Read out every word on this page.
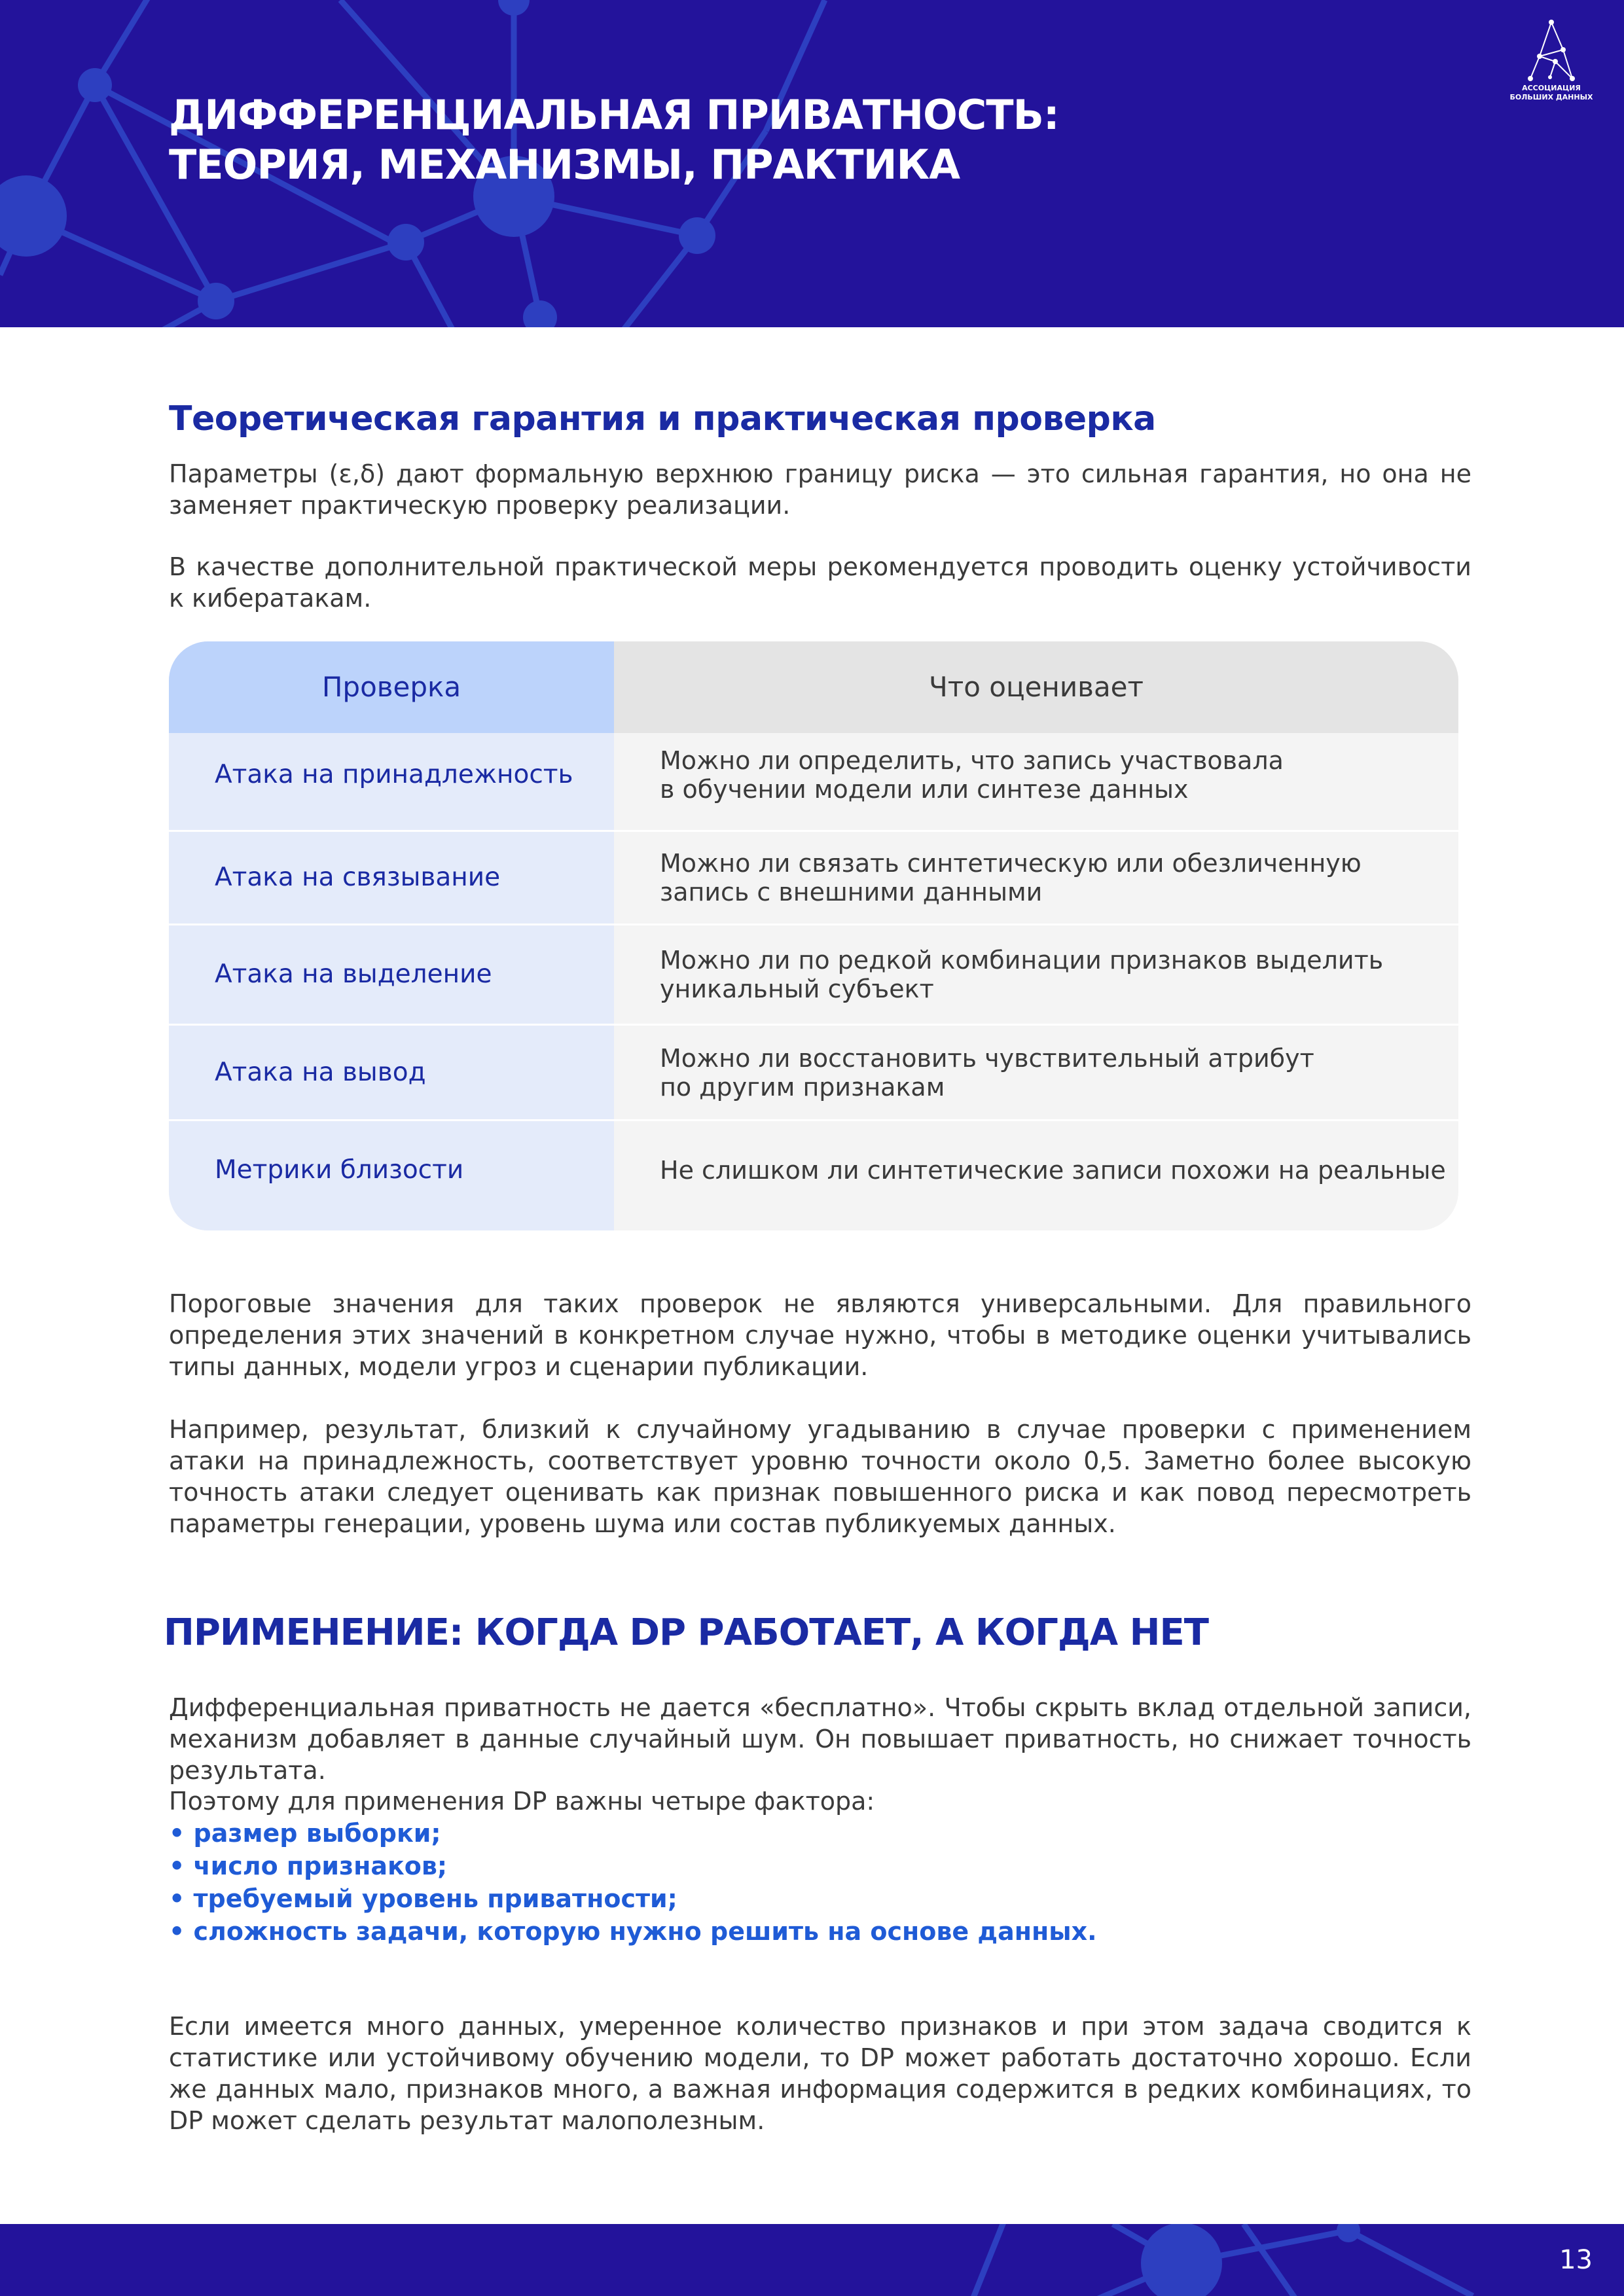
ДИФФЕРЕНЦИАЛЬНАЯ ПРИВАТНОСТЬ:
ТЕОРИЯ, МЕХАНИЗМЫ, ПРАКТИКА
АССОЦИАЦИЯ
БОЛЬШИХ ДАННЫХ
Теоретическая гарантия и практическая проверка

Параметры (ε,δ) дают формальную верхнюю границу риска — это сильная гарантия, но она не заменяет практическую проверку реализации.

В качестве дополнительной практической меры рекомендуется проводить оценку устойчивости к кибератакам.

Проверка	Что оценивает
Атака на принадлежность	Можно ли определить, что запись участвовала
в обучении модели или синтезе данных
Атака на связывание	Можно ли связать синтетическую или обезличенную
запись с внешними данными
Атака на выделение	Можно ли по редкой комбинации признаков выделить
уникальный субъект
Атака на вывод	Можно ли восстановить чувствительный атрибут
по другим признакам
Метрики близости	Не слишком ли синтетические записи похожи на реальные

Пороговые значения для таких проверок не являются универсальными. Для правильного определения этих значений в конкретном случае нужно, чтобы в методике оценки учитывались типы данных, модели угроз и сценарии публикации.

Например, результат, близкий к случайному угадыванию в случае проверки с применением атаки на принадлежность, соответствует уровню точности около 0,5. Заметно более высокую точность атаки следует оценивать как признак повышенного риска и как повод пересмотреть параметры генерации, уровень шума или состав публикуемых данных.

ПРИМЕНЕНИЕ: КОГДА DP РАБОТАЕТ, А КОГДА НЕТ

Дифференциальная приватность не дается «бесплатно». Чтобы скрыть вклад отдельной записи, механизм добавляет в данные случайный шум. Он повышает приватность, но снижает точность результата.

Поэтому для применения DP важны четыре фактора:

• размер выборки;
• число признаков;
• требуемый уровень приватности;
• сложность задачи, которую нужно решить на основе данных.

Если имеется много данных, умеренное количество признаков и при этом задача сводится к статистике или устойчивому обучению модели, то DP может работать достаточно хорошо. Если же данных мало, признаков много, а важная информация содержится в редких комбинациях, то DP может сделать результат малополезным.

13
